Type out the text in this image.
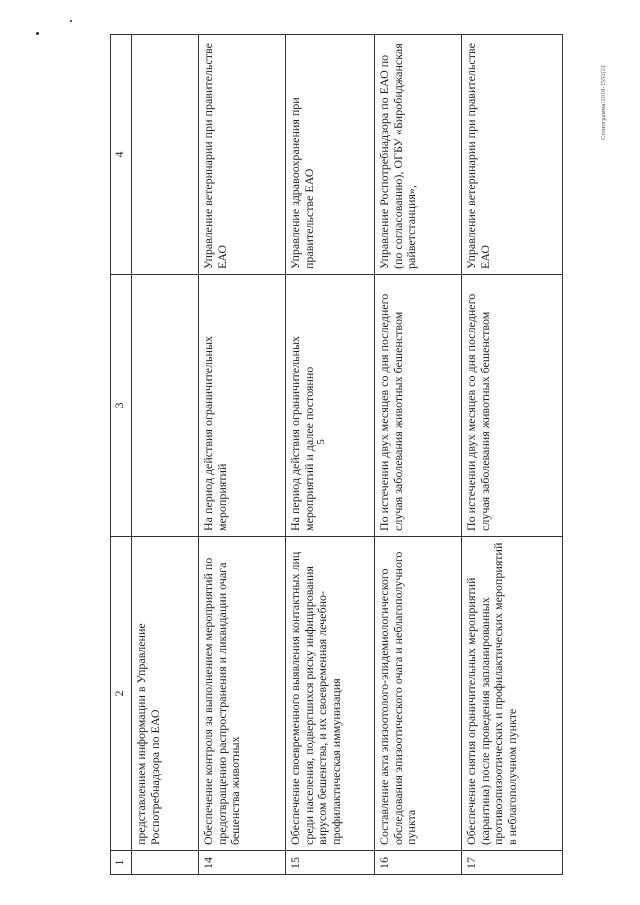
5
Стенограмма/2018-1552(2)
1	2	3	4
	представлением информации в Управление Роспотребнадзора по ЕАО		
14	Обеспечение контроля за выполнением мероприятий по предотвращению распространения и ликвидации очага бешенства животных	На период действия ограничительных мероприятий	Управление ветеринарии при правительстве ЕАО
15	Обеспечение своевременного выявления контактных лиц среди населения, подвергшихся риску инфицирования вирусом бешенства, и их своевременная лечебно-профилактическая иммунизация	На период действия ограничительных мероприятий и далее постоянно	Управление здравоохранения при правительстве ЕАО
16	Составление акта эпизоотолого-эпидемиологического обследования эпизоотического очага и неблагополучного пункта	По истечении двух месяцев со дня последнего случая заболевания животных бешенством	Управление Роспотребнадзора по ЕАО по (по согласованию), ОГБУ «Биробиджанская райветстанция»,
17	Обеспечение снятия ограничительных мероприятий (карантина) после проведения запланированных противоэпизоотических и профилактических мероприятий в неблагополучном пункте	По истечении двух месяцев со дня последнего случая заболевания животных бешенством	Управление ветеринарии при правительстве ЕАО
